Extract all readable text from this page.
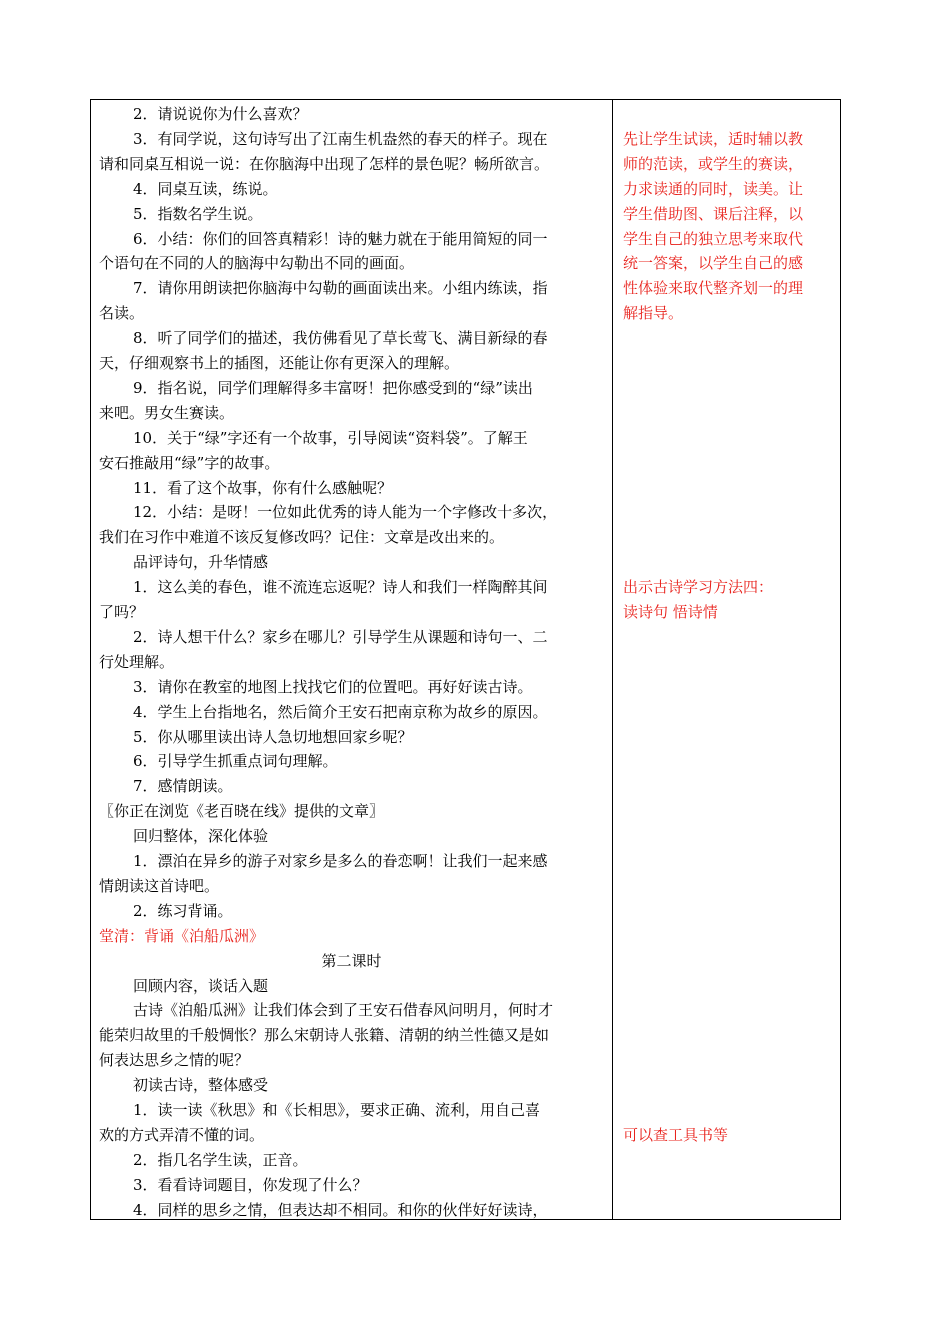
2．请说说你为什么喜欢？
3．有同学说，这句诗写出了江南生机盎然的春天的样子。现在
请和同桌互相说一说：在你脑海中出现了怎样的景色呢？畅所欲言。
4．同桌互读，练说。
5．指数名学生说。
6．小结：你们的回答真精彩！诗的魅力就在于能用简短的同一
个语句在不同的人的脑海中勾勒出不同的画面。
7．请你用朗读把你脑海中勾勒的画面读出来。小组内练读，指
名读。
8．听了同学们的描述，我仿佛看见了草长莺飞、满目新绿的春
天，仔细观察书上的插图，还能让你有更深入的理解。
9．指名说，同学们理解得多丰富呀！把你感受到的“绿”读出
来吧。男女生赛读。
10．关于“绿”字还有一个故事，引导阅读“资料袋”。了解王
安石推敲用“绿”字的故事。
11．看了这个故事，你有什么感触呢？
12．小结：是呀！一位如此优秀的诗人能为一个字修改十多次，
我们在习作中难道不该反复修改吗？记住：文章是改出来的。
品评诗句，升华情感
1．这么美的春色，谁不流连忘返呢？诗人和我们一样陶醉其间
了吗？
2．诗人想干什么？家乡在哪儿？引导学生从课题和诗句一、二
行处理解。
3．请你在教室的地图上找找它们的位置吧。再好好读古诗。
4．学生上台指地名，然后简介王安石把南京称为故乡的原因。
5．你从哪里读出诗人急切地想回家乡呢？
6．引导学生抓重点词句理解。
7．感情朗读。
〖你正在浏览《老百晓在线》提供的文章〗
回归整体，深化体验
1．漂泊在异乡的游子对家乡是多么的眷恋啊！让我们一起来感
情朗读这首诗吧。
2．练习背诵。
堂清：背诵《泊船瓜洲》
第二课时
回顾内容，谈话入题
古诗《泊船瓜洲》让我们体会到了王安石借春风问明月，何时才
能荣归故里的千般惆怅？那么宋朝诗人张籍、清朝的纳兰性德又是如
何表达思乡之情的呢？
初读古诗，整体感受
1．读一读《秋思》和《长相思》，要求正确、流利，用自己喜
欢的方式弄清不懂的词。
2．指几名学生读，正音。
3．看看诗词题目，你发现了什么？
4．同样的思乡之情，但表达却不相同。和你的伙伴好好读诗，
先让学生试读，适时辅以教
师的范读，或学生的赛读，
力求读通的同时，读美。让
学生借助图、课后注释，以
学生自己的独立思考来取代
统一答案，以学生自己的感
性体验来取代整齐划一的理
解指导。
出示古诗学习方法四：
读诗句 悟诗情
可以查工具书等
